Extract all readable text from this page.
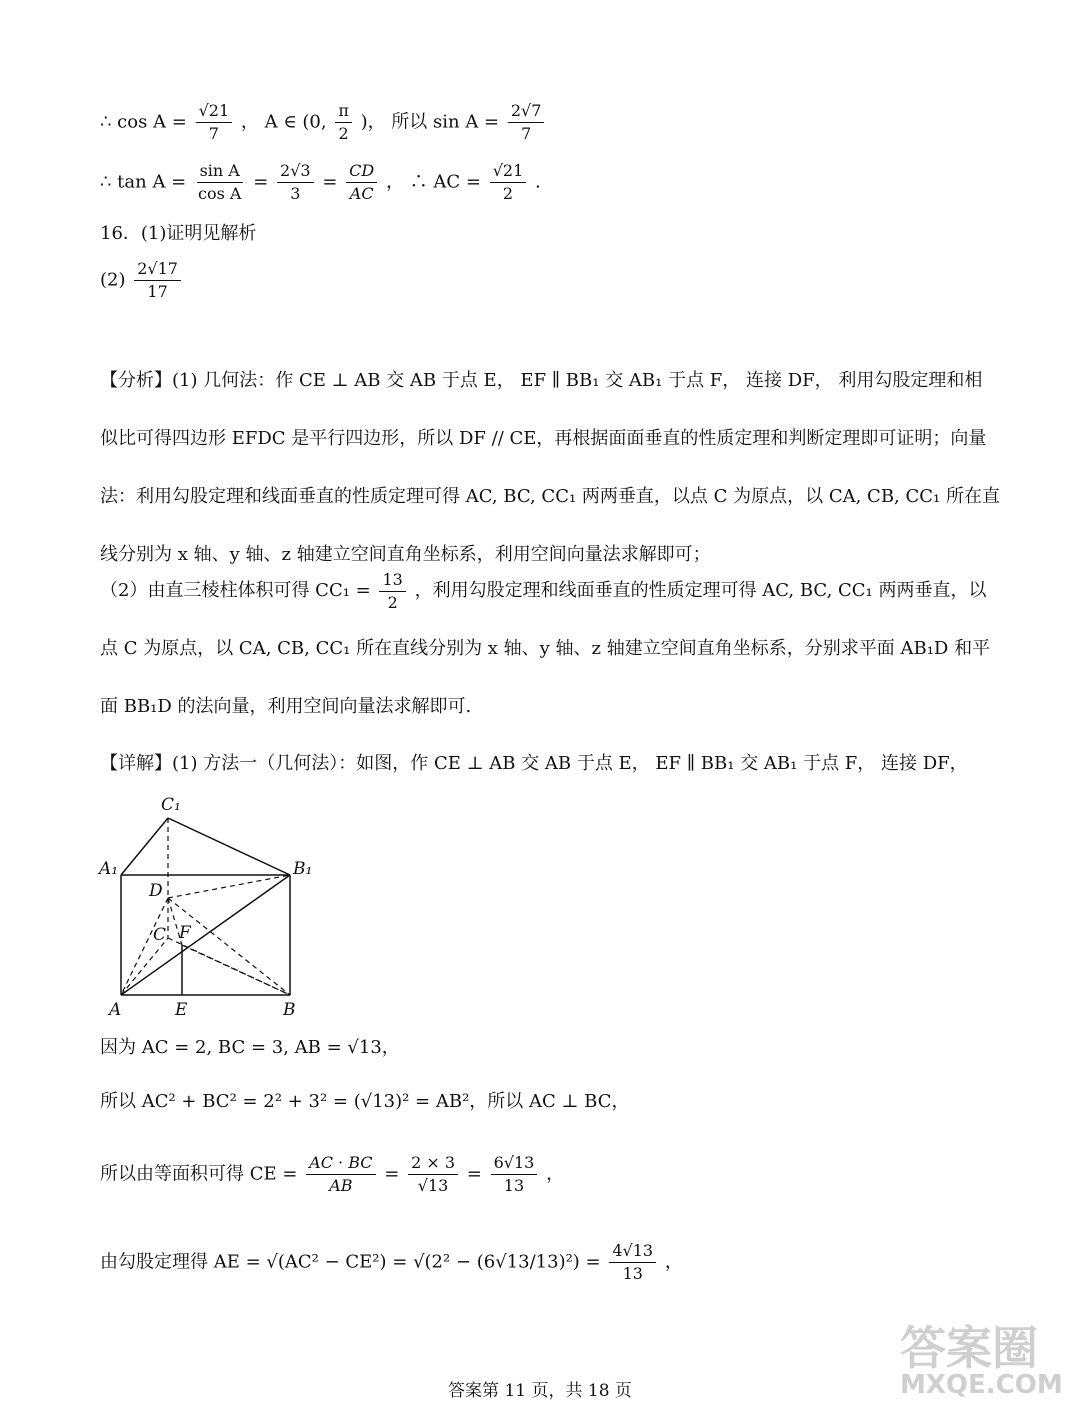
∴ $\cos A = \frac{√21}{7}$ ， A ∈ (0, $\frac{\pi}{2}$ )， 所以 $\sin A = \frac{2√7}{7}$
∴ $\tan A = \frac{\text{sin A}}{\text{cos A}} = \frac{2√3}{3} = \frac{CD}{AC}$ ， ∴ AC = $\frac{√21}{2}$ .
16．(1)证明见解析
$(2) \frac{2√17}{17}$
【分析】(1) 几何法：作 CE ⊥ AB 交 AB 于点 E， EF ∥ BB₁ 交 AB₁ 于点 F， 连接 DF， 利用勾股定理和相似比可得四边形 EFDC 是平行四边形，所以 DF // CE，再根据面面垂直的性质定理和判断定理即可证明；向量法：利用勾股定理和线面垂直的性质定理可得 AC, BC, CC₁ 两两垂直，以点 C 为原点，以 CA, CB, CC₁ 所在直线分别为 x 轴、y 轴、z 轴建立空间直角坐标系，利用空间向量法求解即可；
（2）由直三棱柱体积可得 $CC_1 = \frac{13}{2}$ ，利用勾股定理和线面垂直的性质定理可得 AC, BC, CC₁ 两两垂直，以点 C 为原点，以 CA, CB, CC₁ 所在直线分别为 x 轴、y 轴、z 轴建立空间直角坐标系，分别求平面 AB₁D 和平面 BB₁D 的法向量，利用空间向量法求解即可.
【详解】(1) 方法一（几何法）：如图，作 CE ⊥ AB 交 AB 于点 E， EF ∥ BB₁ 交 AB₁ 于点 F， 连接 DF，
C₁
A₁	B₁
D
C F
A	E	B
因为 AC = 2, BC = 3, AB = √13，
所以 AC² + BC² = 2² + 3² = (√13)² = AB²，所以 AC ⊥ BC，
所以由等面积可得 CE = $\frac{AC \cdot BC}{AB} = \frac{2 \times 3}{√13} = \frac{6√13}{13}$ ，
由勾股定理得 AE = $√(AC^2 - CE^2) = √(2^2 - (6√13/13)^2) = \frac{4√13}{13}$ ，
答案第 11 页，共 18 页
答案圈
MXQE.COM
